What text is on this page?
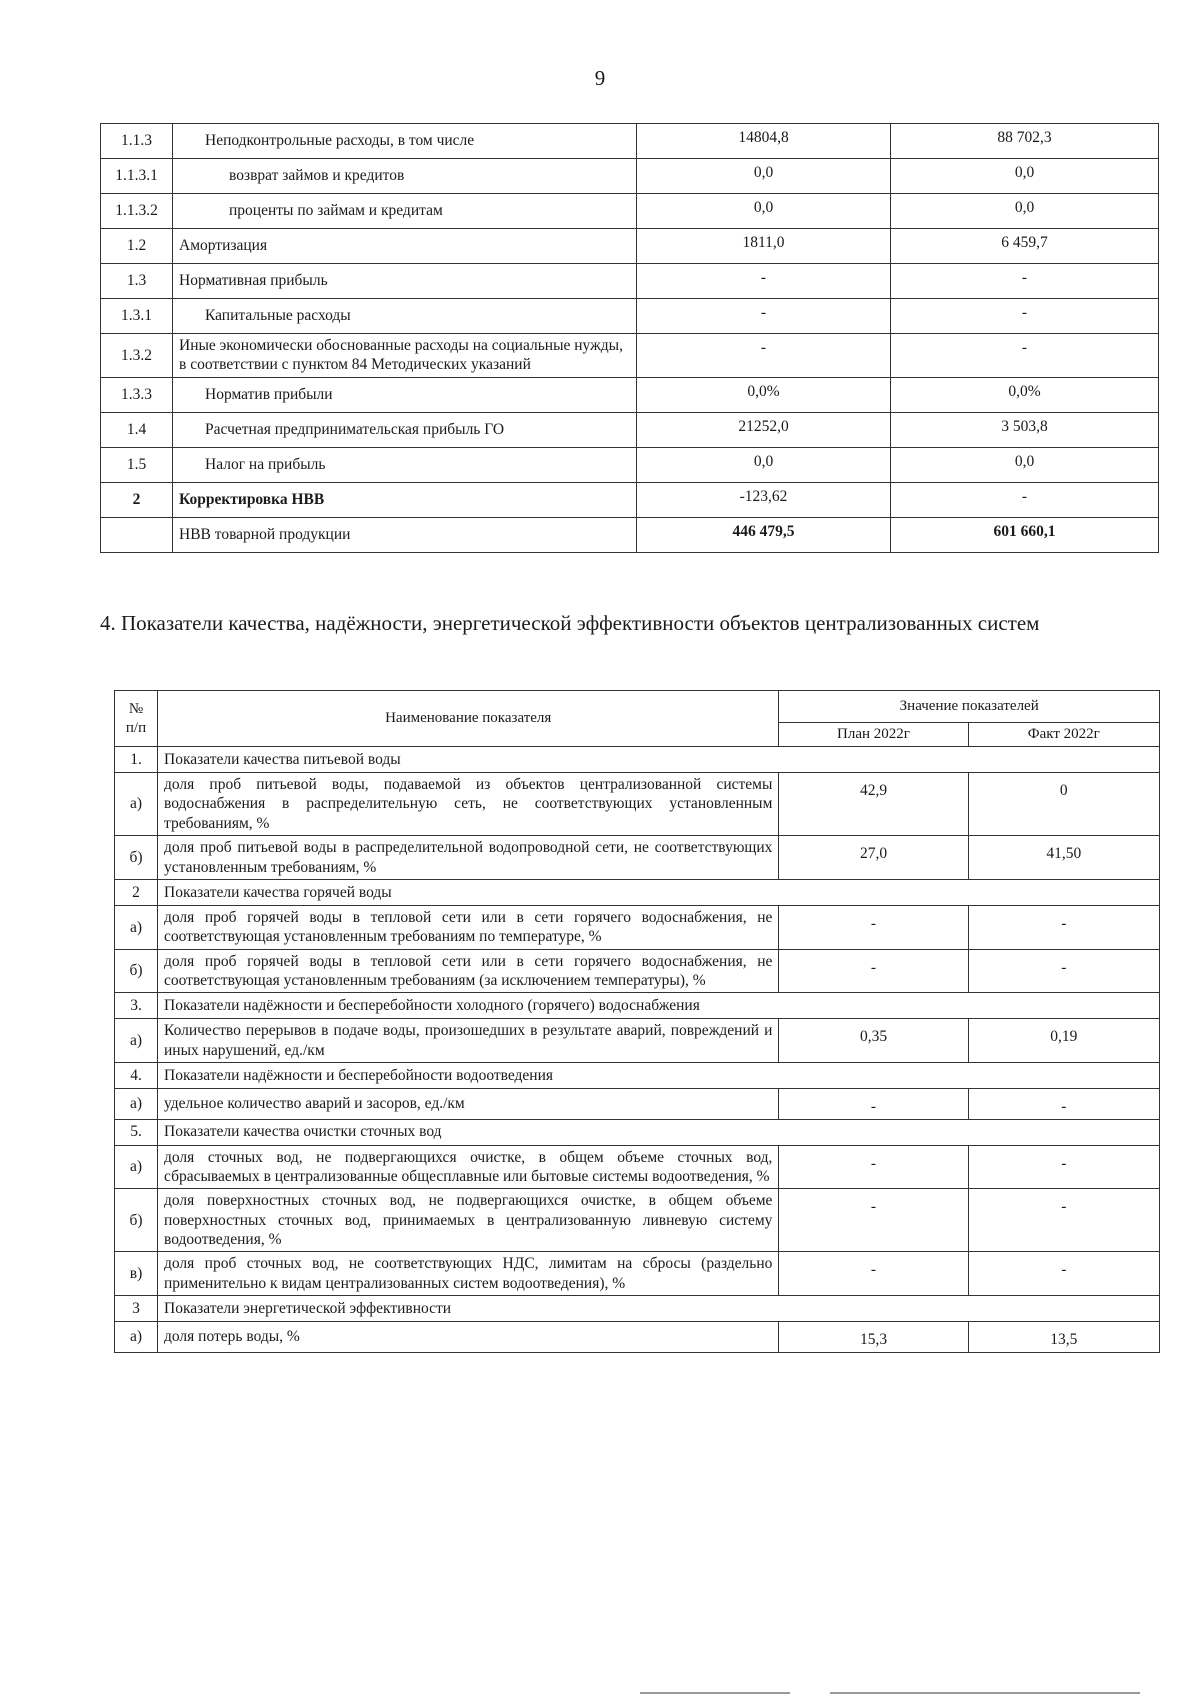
9
1.1.3	Неподконтрольные расходы, в том числе	14804,8	88 702,3
1.1.3.1	возврат займов и кредитов	0,0	0,0
1.1.3.2	проценты по займам и кредитам	0,0	0,0
1.2	Амортизация	1811,0	6 459,7
1.3	Нормативная прибыль	-	-
1.3.1	Капитальные расходы	-	-
1.3.2	Иные экономически обоснованные расходы на социальные нужды, в соответствии с пунктом 84 Методических указаний	-	-
1.3.3	Норматив прибыли	0,0%	0,0%
1.4	Расчетная предпринимательская прибыль ГО	21252,0	3 503,8
1.5	Налог на прибыль	0,0	0,0
2	Корректировка НВВ	-123,62	-
	НВВ товарной продукции	446 479,5	601 660,1
4. Показатели качества, надёжности, энергетической эффективности объектов централизованных систем
№ п/п	Наименование показателя	Значение показателей	
		План 2022г	Факт 2022г
1.	Показатели качества питьевой воды		
а)	доля проб питьевой воды, подаваемой из объектов централизованной системы водоснабжения в распределительную сеть, не соответствующих установленным требованиям, %	42,9	0
б)	доля проб питьевой воды в распределительной водопроводной сети, не соответствующих установленным требованиям, %	27,0	41,50
2	Показатели качества горячей воды		
а)	доля проб горячей воды в тепловой сети или в сети горячего водоснабжения, не соответствующая установленным требованиям по температуре, %	-	-
б)	доля проб горячей воды в тепловой сети или в сети горячего водоснабжения, не соответствующая установленным требованиям (за исключением температуры), %	-	-
3.	Показатели надёжности и бесперебойности холодного (горячего) водоснабжения		
а)	Количество перерывов в подаче воды, произошедших в результате аварий, повреждений и иных нарушений, ед./км	0,35	0,19
4.	Показатели надёжности и бесперебойности водоотведения		
а)	удельное количество аварий и засоров, ед./км	-	-
5.	Показатели качества очистки сточных вод		
а)	доля сточных вод, не подвергающихся очистке, в общем объеме сточных вод, сбрасываемых в централизованные общесплавные или бытовые системы водоотведения, %	-	-
б)	доля поверхностных сточных вод, не подвергающихся очистке, в общем объеме поверхностных сточных вод, принимаемых в централизованную ливневую систему водоотведения, %	-	-
в)	доля проб сточных вод, не соответствующих НДС, лимитам на сбросы (раздельно применительно к видам централизованных систем водоотведения), %	-	-
3	Показатели энергетической эффективности		
а)	доля потерь воды, %	15,3	13,5
